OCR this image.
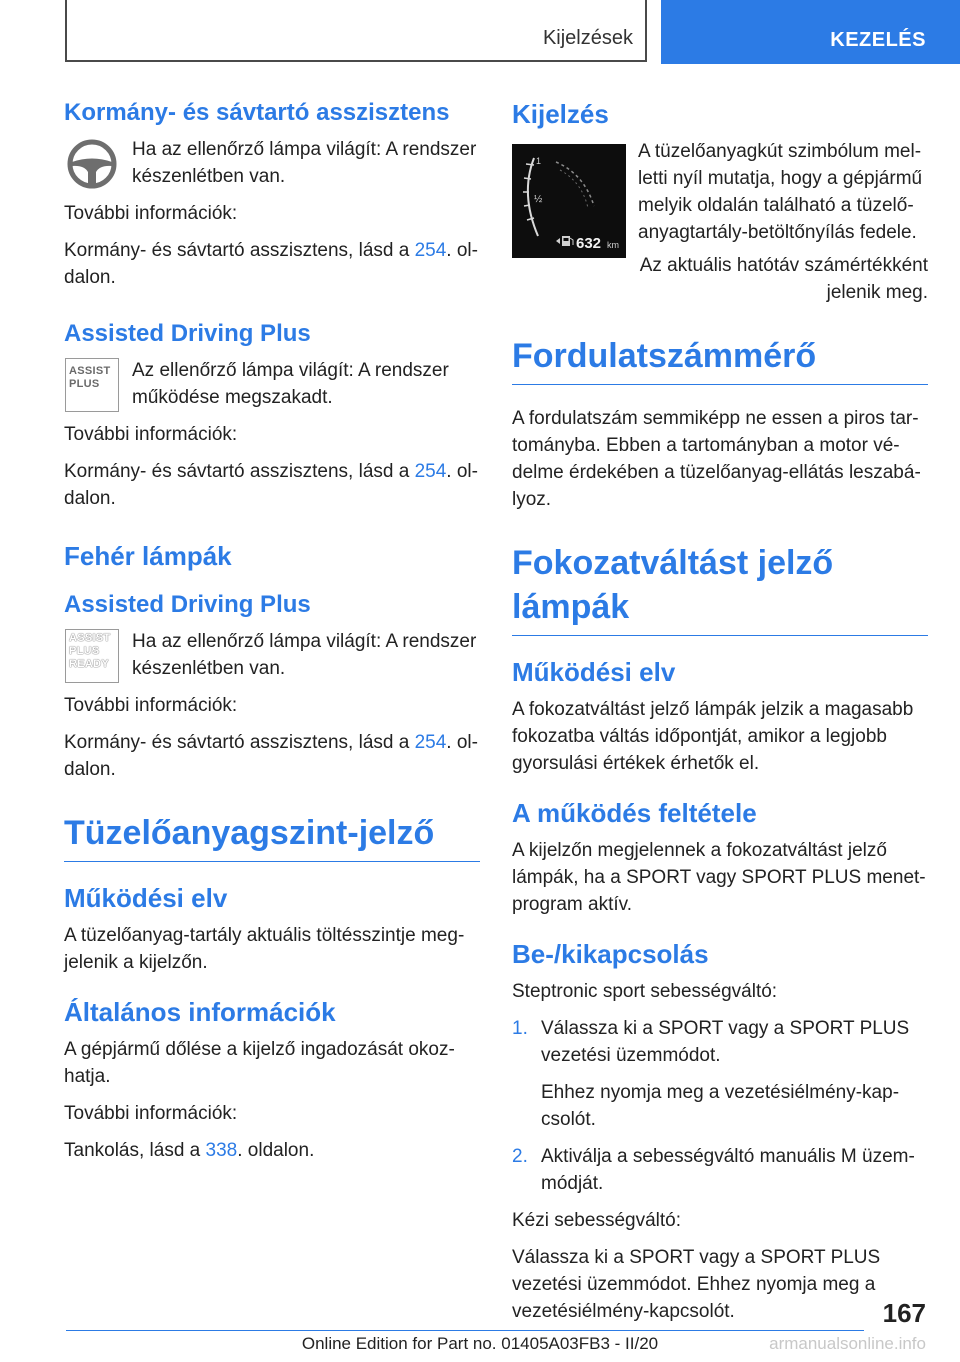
Kijelzések	KEZELÉS
Kormány- és sávtartó asszisztens

Ha az ellenőrző lámpa világít: A rendszer készenlétben van.

További információk:

Kormány- és sávtartó asszisztens, lásd a 254. oldalon.

Assisted Driving Plus
ASSIST
PLUS

Az ellenőrző lámpa világít: A rendszer működése megszakadt.

További információk:

Kormány- és sávtartó asszisztens, lásd a 254. oldalon.

Fehér lámpák
Assisted Driving Plus
ASSIST
PLUS
READY

Ha az ellenőrző lámpa világít: A rendszer készenlétben van.

További információk:

Kormány- és sávtartó asszisztens, lásd a 254. oldalon.

Tüzelőanyagszint-jelző
Működési elv

A tüzelőanyag-tartály aktuális töltésszintje megjelenik a kijelzőn.

Általános információk

A gépjármű dőlése a kijelző ingadozását okozhatja.

További információk:

Tankolás, lásd a 338. oldalon.

Kijelzés
1
½
632 km

A tüzelőanyagkút szimbólum melletti nyíl mutatja, hogy a gépjármű melyik oldalán található a tüzelőanyagtartály-betöltőnyílás fedele.

Az aktuális hatótáv számértékként jelenik meg.

Fordulatszámmérő

A fordulatszám semmiképp ne essen a piros tartományba. Ebben a tartományban a motor védelme érdekében a tüzelőanyag-ellátás leszabályoz.

Fokozatváltást jelző lámpák
Működési elv

A fokozatváltást jelző lámpák jelzik a magasabb fokozatba váltás időpontját, amikor a legjobb gyorsulási értékek érhetők el.

A működés feltétele

A kijelzőn megjelennek a fokozatváltást jelző lámpák, ha a SPORT vagy SPORT PLUS menetprogram aktív.

Be-/kikapcsolás

Steptronic sport sebességváltó:

1. Válassza ki a SPORT vagy a SPORT PLUS vezetési üzemmódot.

Ehhez nyomja meg a vezetésiélmény-kapcsolót.

2. Aktiválja a sebességváltó manuális M üzemmódját.

Kézi sebességváltó:

Válassza ki a SPORT vagy a SPORT PLUS vezetési üzemmódot. Ehhez nyomja meg a vezetésiélmény-kapcsolót.	167
Online Edition for Part no. 01405A03FB3 - II/20	armanualsonline.info
